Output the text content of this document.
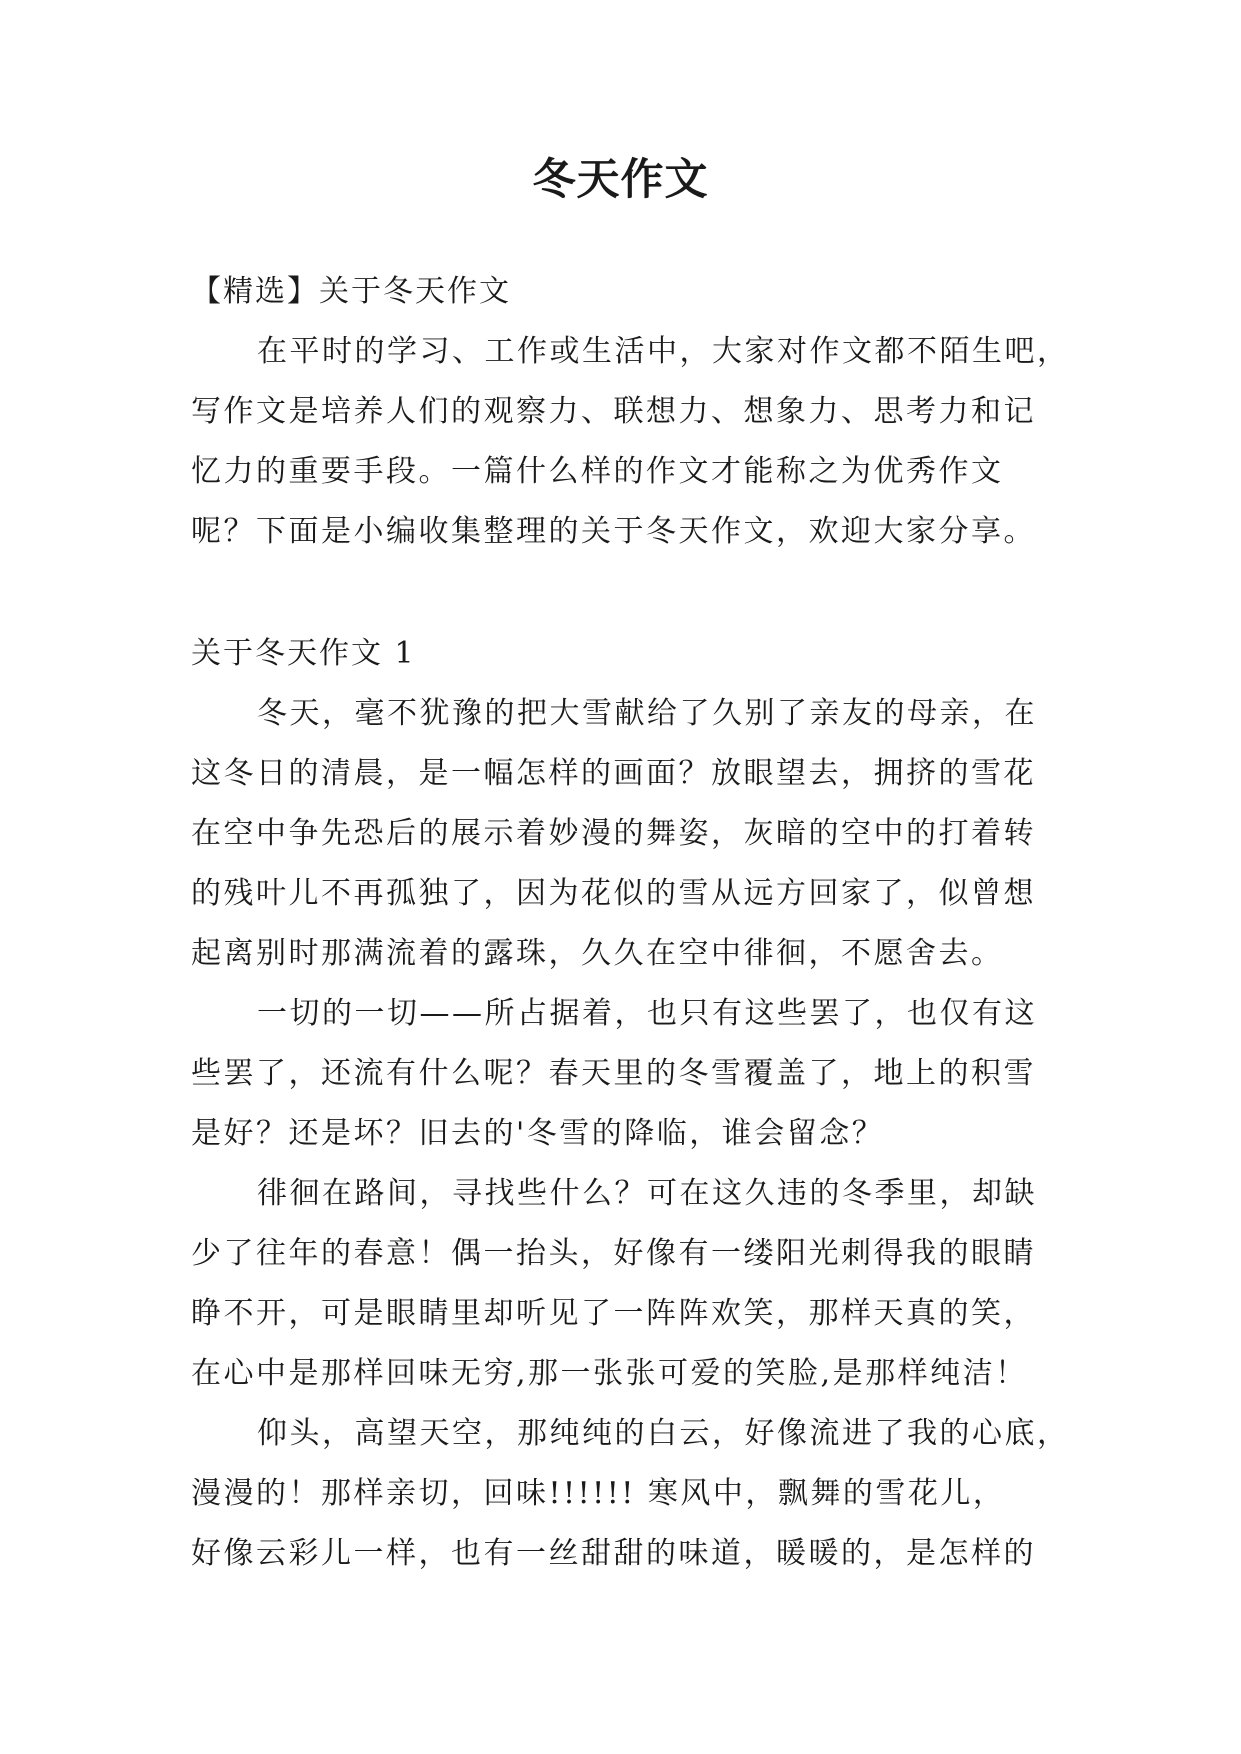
冬天作文
【精选】关于冬天作文
在平时的学习、工作或生活中，大家对作文都不陌生吧，
写作文是培养人们的观察力、联想力、想象力、思考力和记
忆力的重要手段。一篇什么样的作文才能称之为优秀作文
呢？下面是小编收集整理的关于冬天作文，欢迎大家分享。
关于冬天作文 1
冬天，毫不犹豫的把大雪献给了久别了亲友的母亲，在
这冬日的清晨，是一幅怎样的画面？放眼望去，拥挤的雪花
在空中争先恐后的展示着妙漫的舞姿，灰暗的空中的打着转
的残叶儿不再孤独了，因为花似的雪从远方回家了，似曾想
起离别时那满流着的露珠，久久在空中徘徊，不愿舍去。
一切的一切——所占据着，也只有这些罢了，也仅有这
些罢了，还流有什么呢？春天里的冬雪覆盖了，地上的积雪
是好？还是坏？旧去的'冬雪的降临，谁会留念？
徘徊在路间，寻找些什么？可在这久违的冬季里，却缺
少了往年的春意！偶一抬头，好像有一缕阳光刺得我的眼睛
睁不开，可是眼睛里却听见了一阵阵欢笑，那样天真的笑，
在心中是那样回味无穷,那一张张可爱的笑脸,是那样纯洁！
仰头，高望天空，那纯纯的白云，好像流进了我的心底，
漫漫的！那样亲切，回味!!!!!! 寒风中，飘舞的雪花儿，
好像云彩儿一样，也有一丝甜甜的味道，暖暖的，是怎样的
